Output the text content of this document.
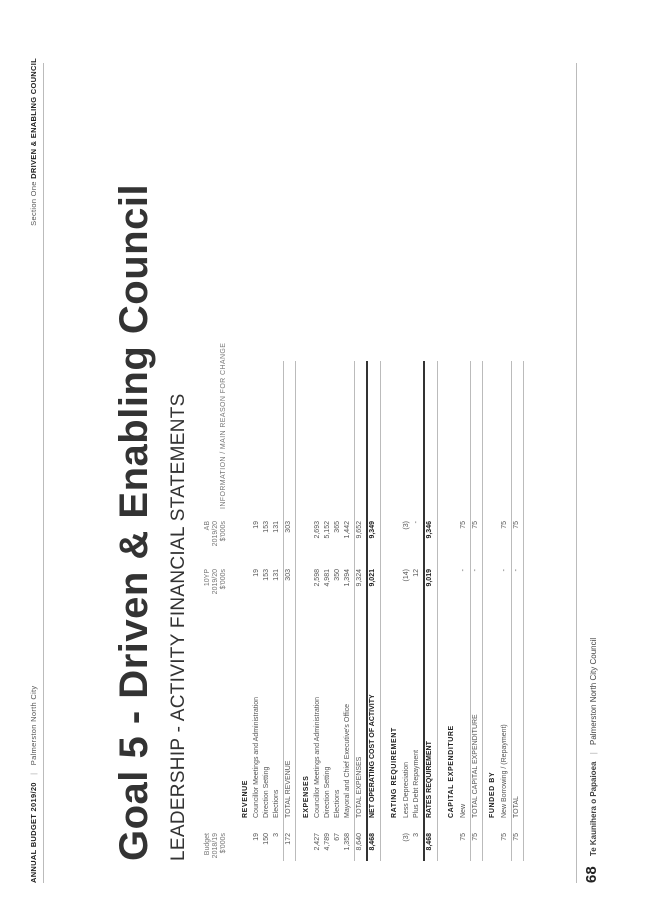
ANNUAL BUDGET 2019/20 | Palmerston North City
Section One DRIVEN & ENABLING COUNCIL
Goal 5 - Driven & Enabling Council LEADERSHIP - ACTIVITY FINANCIAL STATEMENTS Budget 2018/19 $'000s
10YP 2019/20 $'000s
AB 2019/20 $'000s
INFORMATION / MAIN REASON FOR CHANGE
REVENUE
19
Councillor Meetings and Administration
19
19
150
Direction Setting
153
153
3
Elections
131
131
172
TOTAL REVENUE
303
303
EXPENSES
2,427
Councillor Meetings and Administration
2,598
2,693
4,789
Direction Setting
4,981
5,152
67
Elections
350
365
1,358
Mayoral and Chief Executive's Office
1,394
1,442
8,640
TOTAL EXPENSES
9,324
9,652
8,468
NET OPERATING COST OF ACTIVITY
9,021
9,349
RATING REQUIREMENT
(3)
Less Depreciation
(14)
(3)
3
Plus Debt Repayment
12
-
8,468
RATES REQUIREMENT
9,019
9,346
CAPITAL EXPENDITURE
75
New
-
75
75
TOTAL CAPITAL EXPENDITURE
-
75
FUNDED BY
75
New Borrowing / (Repayment)
-
75
75
TOTAL
-
75
68 Te Kaunihera o Papaioea | Palmerston North City Council
